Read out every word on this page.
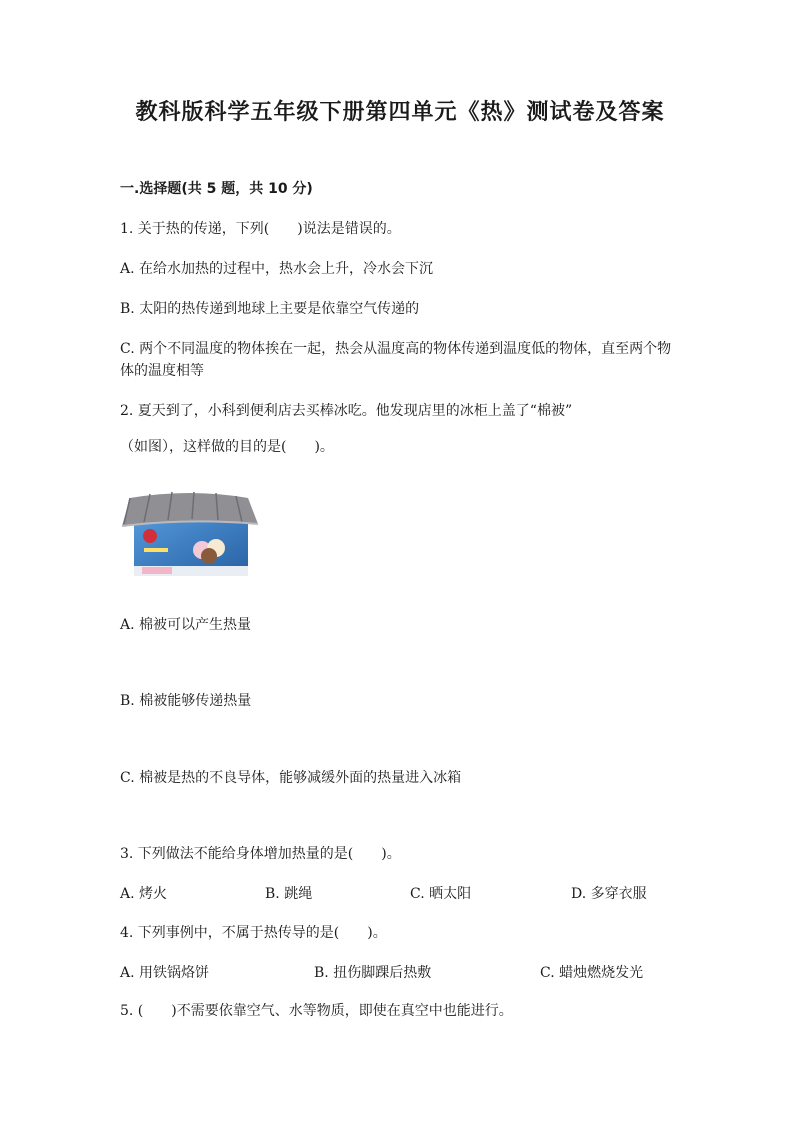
教科版科学五年级下册第四单元《热》测试卷及答案
一.选择题(共 5 题，共 10 分)
1. 关于热的传递，下列(　　)说法是错误的。
A. 在给水加热的过程中，热水会上升，冷水会下沉
B. 太阳的热传递到地球上主要是依靠空气传递的
C. 两个不同温度的物体挨在一起，热会从温度高的物体传递到温度低的物体，直至两个物体的温度相等
2. 夏天到了，小科到便利店去买棒冰吃。他发现店里的冰柜上盖了“棉被”
（如图），这样做的目的是(　　)。
A. 棉被可以产生热量
B. 棉被能够传递热量
C. 棉被是热的不良导体，能够减缓外面的热量进入冰箱
3. 下列做法不能给身体增加热量的是(　　)。
A. 烤火	B. 跳绳	C. 晒太阳	D. 多穿衣服
4. 下列事例中，不属于热传导的是(　　)。
A. 用铁锅烙饼	B. 扭伤脚踝后热敷	C. 蜡烛燃烧发光
5. (　　)不需要依靠空气、水等物质，即使在真空中也能进行。
